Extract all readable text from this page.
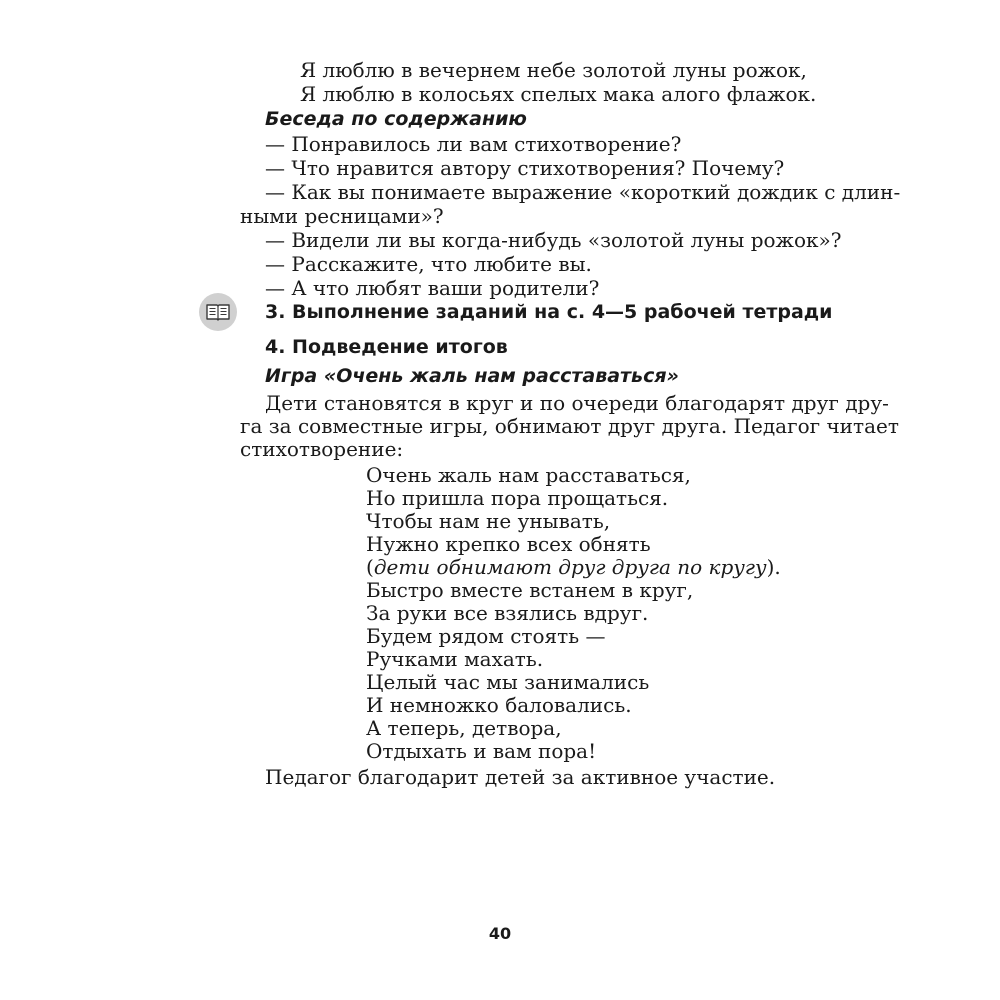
Я люблю в вечернем небе золотой луны рожок,
Я люблю в колосьях спелых мака алого флажок.
Беседа по содержанию
— Понравилось ли вам стихотворение?
— Что нравится автору стихотворения? Почему?
— Как вы понимаете выражение «короткий дождик с длин-
ными ресницами»?
— Видели ли вы когда-нибудь «золотой луны рожок»?
— Расскажите, что любите вы.
— А что любят ваши родители?
3. Выполнение заданий на с. 4—5 рабочей тетради
4. Подведение итогов
Игра «Очень жаль нам расставаться»
Дети становятся в круг и по очереди благодарят друг дру-
га за совместные игры, обнимают друг друга. Педагог читает
стихотворение:
Очень жаль нам расставаться,
Но пришла пора прощаться.
Чтобы нам не унывать,
Нужно крепко всех обнять
(дети обнимают друг друга по кругу).
Быстро вместе встанем в круг,
За руки все взялись вдруг.
Будем рядом стоять —
Ручками махать.
Целый час мы занимались
И немножко баловались.
А теперь, детвора,
Отдыхать и вам пора!
Педагог благодарит детей за активное участие.
40
